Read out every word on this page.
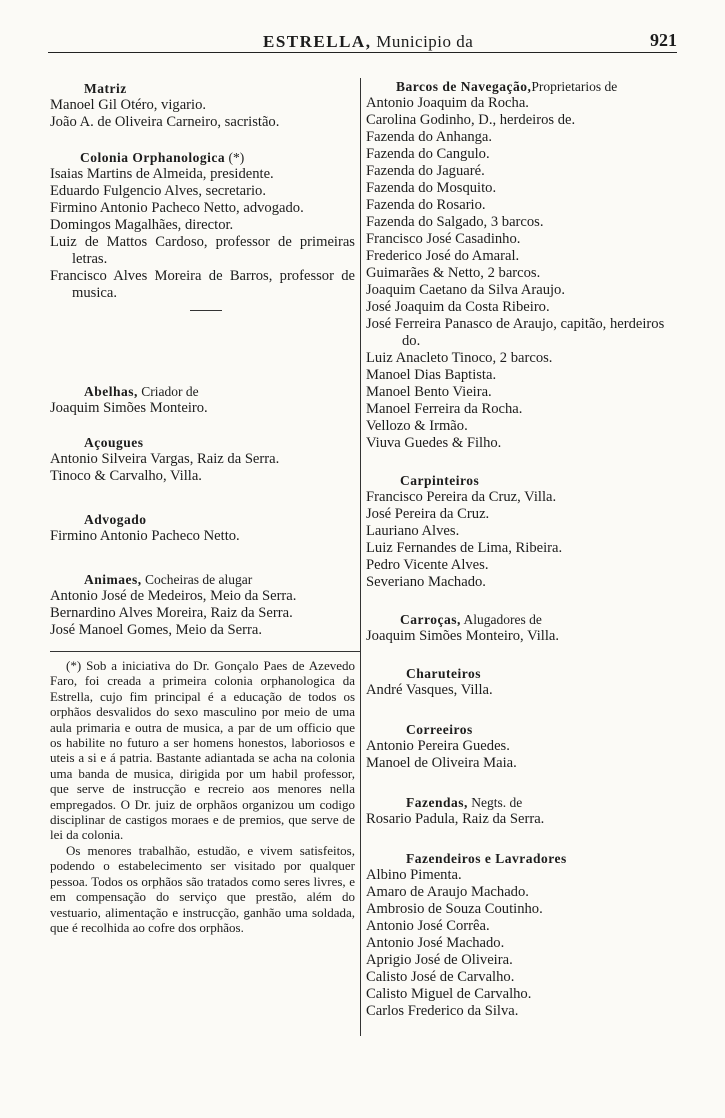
ESTRELLA, Municipio da	921
Matriz
Manoel Gil Otéro, vigario.
João A. de Oliveira Carneiro, sacristão.
Colonia Orphanologica (*)
Isaias Martins de Almeida, presidente.
Eduardo Fulgencio Alves, secretario.
Firmino Antonio Pacheco Netto, advogado.
Domingos Magalhães, director.
Luiz de Mattos Cardoso, professor de primeiras letras.
Francisco Alves Moreira de Barros, professor de musica.
Abelhas, Criador de
Joaquim Simões Monteiro.
Açougues
Antonio Silveira Vargas, Raiz da Serra.
Tinoco & Carvalho, Villa.
Advogado
Firmino Antonio Pacheco Netto.
Animaes, Cocheiras de alugar
Antonio José de Medeiros, Meio da Serra.
Bernardino Alves Moreira, Raiz da Serra.
José Manoel Gomes, Meio da Serra.

(*) Sob a iniciativa do Dr. Gonçalo Paes de Azevedo Faro, foi creada a primeira colonia orphanologica da Estrella, cujo fim principal é a educação de todos os orphãos desvalidos do sexo masculino por meio de uma aula primaria e outra de musica, a par de um officio que os habilite no futuro a ser homens honestos, laboriosos e uteis a si e á patria. Bastante adiantada se acha na colonia uma banda de musica, dirigida por um habil professor, que serve de instrucção e recreio aos menores nella empregados. O Dr. juiz de orphãos organizou um codigo disciplinar de castigos moraes e de premios, que serve de lei da colonia.

Os menores trabalhão, estudão, e vivem satisfeitos, podendo o estabelecimento ser visitado por qualquer pessoa. Todos os orphãos são tratados como seres livres, e em compensação do serviço que prestão, além do vestuario, alimentação e instrucção, ganhão uma soldada, que é recolhida ao cofre dos orphãos.

Barcos de Navegação,Proprietarios de
Antonio Joaquim da Rocha.
Carolina Godinho, D., herdeiros de.
Fazenda do Anhanga.
Fazenda do Cangulo.
Fazenda do Jaguaré.
Fazenda do Mosquito.
Fazenda do Rosario.
Fazenda do Salgado, 3 barcos.
Francisco José Casadinho.
Frederico José do Amaral.
Guimarães & Netto, 2 barcos.
Joaquim Caetano da Silva Araujo.
José Joaquim da Costa Ribeiro.
José Ferreira Panasco de Araujo, capitão, herdeiros do.
Luiz Anacleto Tinoco, 2 barcos.
Manoel Dias Baptista.
Manoel Bento Vieira.
Manoel Ferreira da Rocha.
Vellozo & Irmão.
Viuva Guedes & Filho.
Carpinteiros
Francisco Pereira da Cruz, Villa.
José Pereira da Cruz.
Lauriano Alves.
Luiz Fernandes de Lima, Ribeira.
Pedro Vicente Alves.
Severiano Machado.
Carroças, Alugadores de
Joaquim Simões Monteiro, Villa.
Charuteiros
André Vasques, Villa.
Correeiros
Antonio Pereira Guedes.
Manoel de Oliveira Maia.
Fazendas, Negts. de
Rosario Padula, Raiz da Serra.
Fazendeiros e Lavradores
Albino Pimenta.
Amaro de Araujo Machado.
Ambrosio de Souza Coutinho.
Antonio José Corrêa.
Antonio José Machado.
Aprigio José de Oliveira.
Calisto José de Carvalho.
Calisto Miguel de Carvalho.
Carlos Frederico da Silva.
